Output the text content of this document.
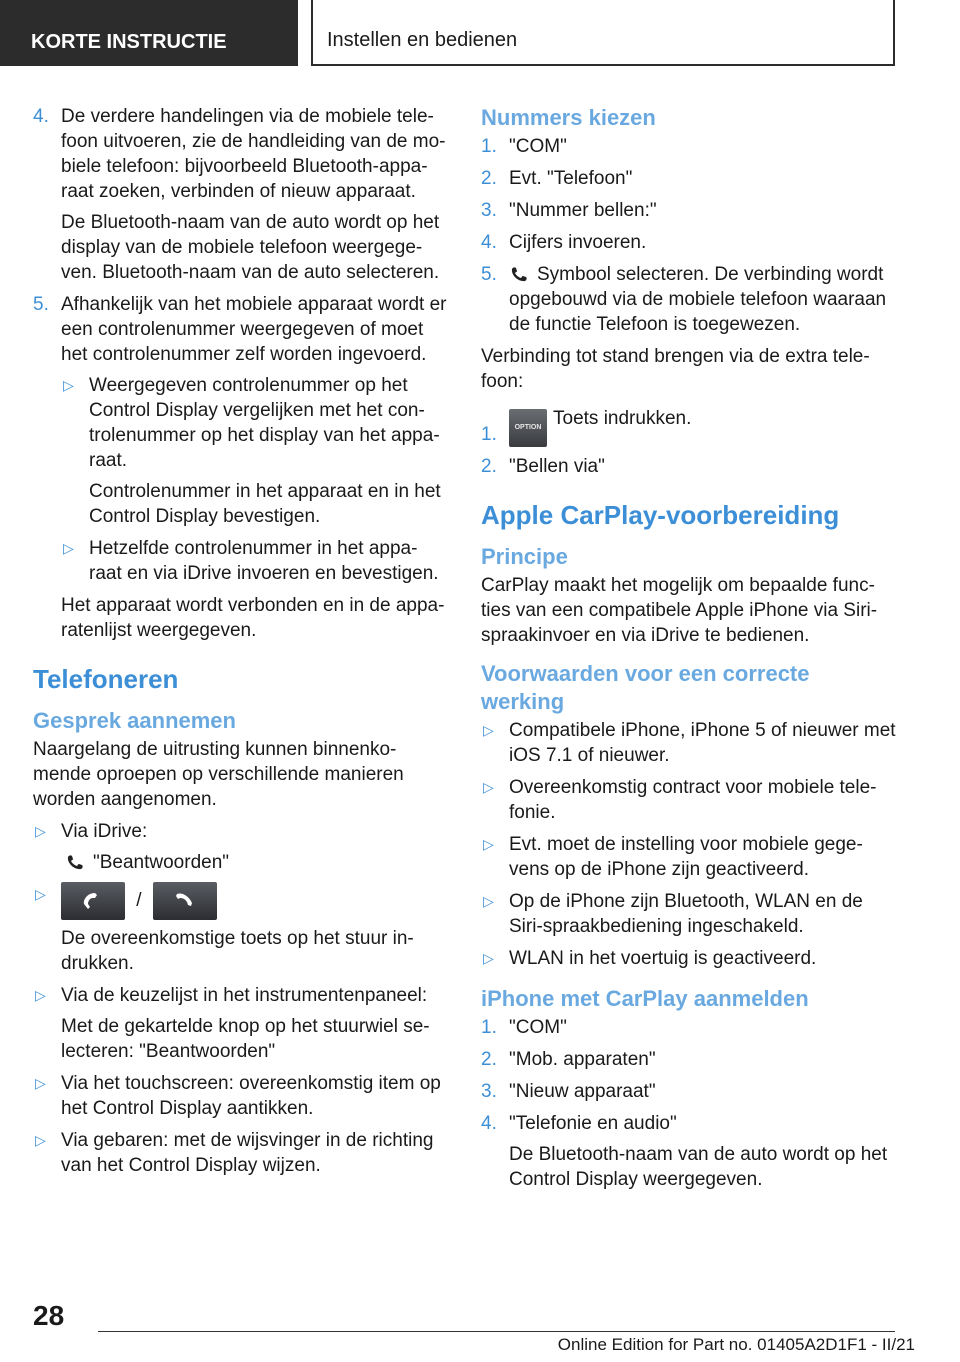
KORTE INSTRUCTIE	Instellen en bedienen
4. De verdere handelingen via de mobiele tele-foon uitvoeren, zie de handleiding van de mo-biele telefoon: bijvoorbeeld Bluetooth-appa-raat zoeken, verbinden of nieuw apparaat.
De Bluetooth-naam van de auto wordt op het display van de mobiele telefoon weergege-ven. Bluetooth-naam van de auto selecteren.
5. Afhankelijk van het mobiele apparaat wordt er een controlenummer weergegeven of moet het controlenummer zelf worden ingevoerd.
▷ Weergegeven controlenummer op het Control Display vergelijken met het con-trolenummer op het display van het appa-raat.
Controlenummer in het apparaat en in het Control Display bevestigen.
▷ Hetzelfde controlenummer in het appa-raat en via iDrive invoeren en bevestigen.
Het apparaat wordt verbonden en in de appa-ratenlijst weergegeven.
Telefoneren
Gesprek aannemen

Naargelang de uitrusting kunnen binnenko-mende oproepen op verschillende manieren worden aangenomen.

▷ Via iDrive:
"Beantwoorden"
▷	/
De overeenkomstige toets op het stuur in-drukken.
▷ Via de keuzelijst in het instrumentenpaneel:
Met de gekartelde knop op het stuurwiel se-lecteren: "Beantwoorden"
▷ Via het touchscreen: overeenkomstig item op het Control Display aantikken.
▷ Via gebaren: met de wijsvinger in de richting van het Control Display wijzen.
Nummers kiezen
1. "COM"
2. Evt. "Telefoon"
3. "Nummer bellen:"
4. Cijfers invoeren.
5.	Symbool selecteren. De verbinding wordt opgebouwd via de mobiele telefoon waaraan de functie Telefoon is toegewezen.

Verbinding tot stand brengen via de extra tele-foon:

1.	OPTION Toets indrukken.
2. "Bellen via"
Apple CarPlay-voorbereiding
Principe

CarPlay maakt het mogelijk om bepaalde func-ties van een compatibele Apple iPhone via Siri-spraakinvoer en via iDrive te bedienen.

Voorwaarden voor een correcte werking
▷ Compatibele iPhone, iPhone 5 of nieuwer met iOS 7.1 of nieuwer.
▷ Overeenkomstig contract voor mobiele tele-fonie.
▷ Evt. moet de instelling voor mobiele gege-vens op de iPhone zijn geactiveerd.
▷ Op de iPhone zijn Bluetooth, WLAN en de Siri-spraakbediening ingeschakeld.
▷ WLAN in het voertuig is geactiveerd.
iPhone met CarPlay aanmelden
1. "COM"
2. "Mob. apparaten"
3. "Nieuw apparaat"
4. "Telefonie en audio"
De Bluetooth-naam van de auto wordt op het Control Display weergegeven.
28
Online Edition for Part no. 01405A2D1F1 - II/21
